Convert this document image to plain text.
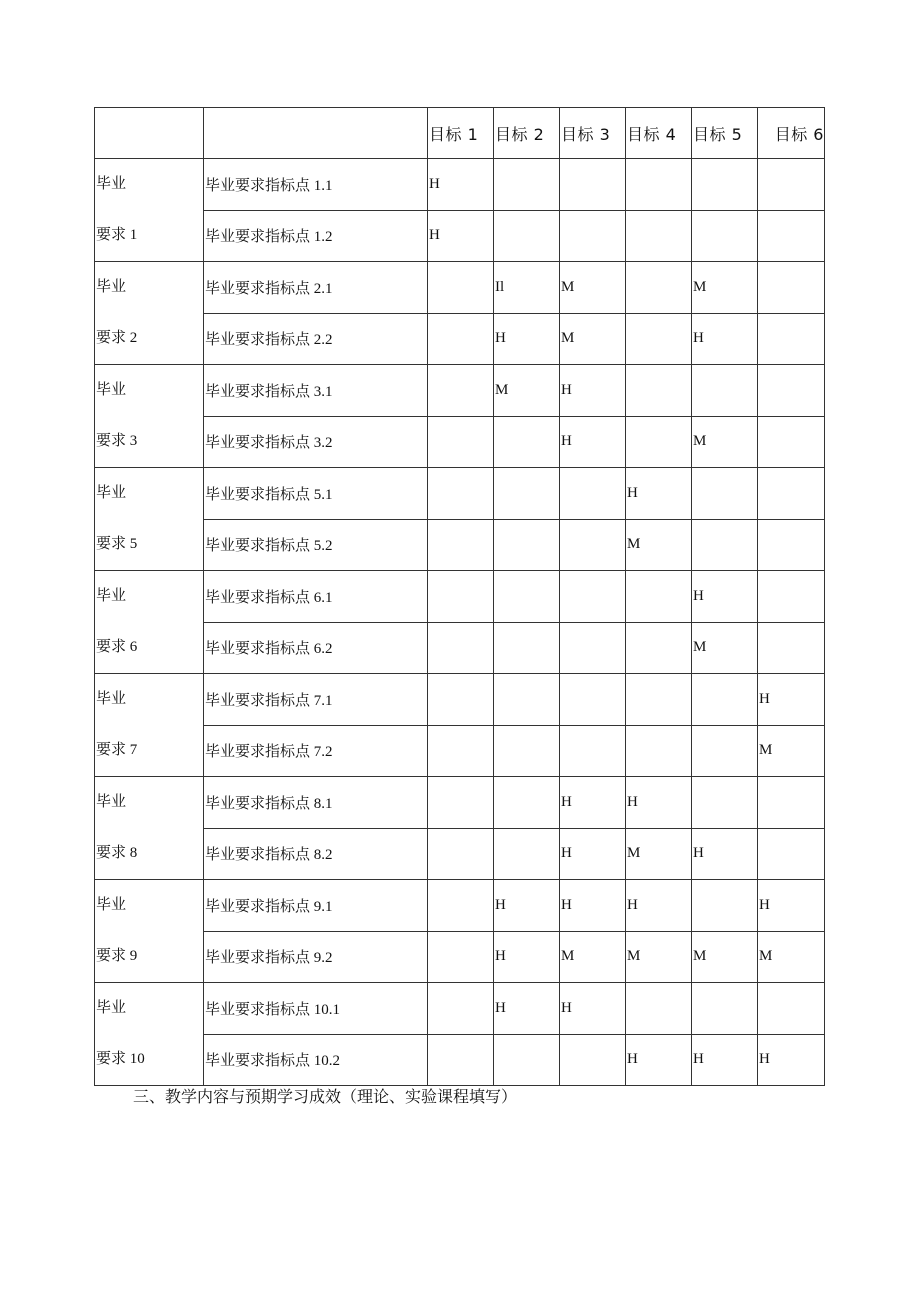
		目标 1	目标 2	目标 3	目标 4	目标 5	目标 6

毕业
要求 1	毕业要求指标点 1.1	H					
	毕业要求指标点 1.2	H					

毕业
要求 2	毕业要求指标点 2.1		Il	M		M	
	毕业要求指标点 2.2		H	M		H	

毕业
要求 3	毕业要求指标点 3.1		M	H			
	毕业要求指标点 3.2			H		M	

毕业
要求 5	毕业要求指标点 5.1				H		
	毕业要求指标点 5.2				M		

毕业
要求 6	毕业要求指标点 6.1					H	
	毕业要求指标点 6.2					M	

毕业
要求 7	毕业要求指标点 7.1						H
	毕业要求指标点 7.2						M

毕业
要求 8	毕业要求指标点 8.1			H	H		
	毕业要求指标点 8.2			H	M	H	

毕业
要求 9	毕业要求指标点 9.1		H	H	H		H
	毕业要求指标点 9.2		H	M	M	M	M

毕业
要求 10	毕业要求指标点 10.1		H	H			
	毕业要求指标点 10.2				H	H	H

三、教学内容与预期学习成效（理论、实验课程填写）
